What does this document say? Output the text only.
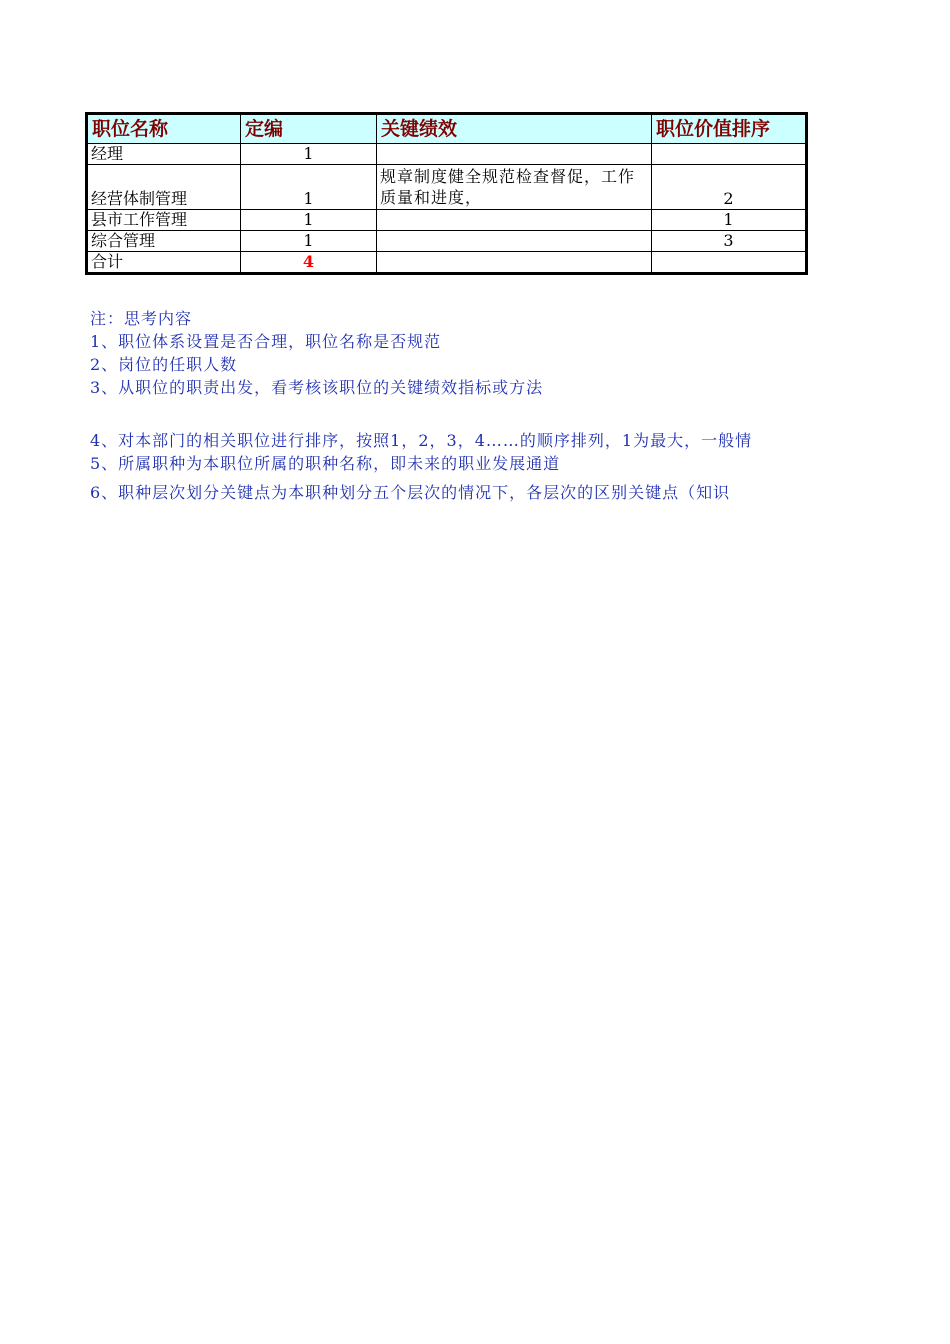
职位名称	定编	关键绩效	职位价值排序
经理	1		
经营体制管理	1	规章制度健全规范检查督促，工作质量和进度，	2
县市工作管理	1		1
综合管理	1		3
合计	4		
注：思考内容
1、职位体系设置是否合理，职位名称是否规范
2、岗位的任职人数
3、从职位的职责出发，看考核该职位的关键绩效指标或方法
4、对本部门的相关职位进行排序，按照1，2，3，4……的顺序排列，1为最大，一般情
5、所属职种为本职位所属的职种名称，即未来的职业发展通道
6、职种层次划分关键点为本职种划分五个层次的情况下，各层次的区别关键点（知识
